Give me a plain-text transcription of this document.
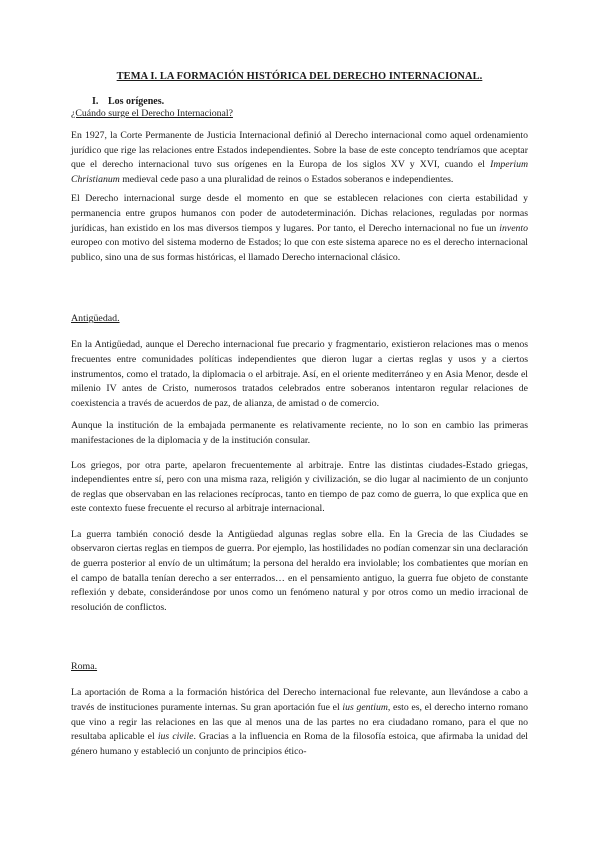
TEMA I. LA FORMACIÓN HISTÓRICA DEL DERECHO INTERNACIONAL.
I. Los orígenes.
¿Cuándo surge el Derecho Internacional?

En 1927, la Corte Permanente de Justicia Internacional definió al Derecho internacional como aquel ordenamiento jurídico que rige las relaciones entre Estados independientes. Sobre la base de este concepto tendríamos que aceptar que el derecho internacional tuvo sus orígenes en la Europa de los siglos XV y XVI, cuando el Imperium Christianum medieval cede paso a una pluralidad de reinos o Estados soberanos e independientes.

El Derecho internacional surge desde el momento en que se establecen relaciones con cierta estabilidad y permanencia entre grupos humanos con poder de autodeterminación. Dichas relaciones, reguladas por normas jurídicas, han existido en los mas diversos tiempos y lugares. Por tanto, el Derecho internacional no fue un invento europeo con motivo del sistema moderno de Estados; lo que con este sistema aparece no es el derecho internacional publico, sino una de sus formas históricas, el llamado Derecho internacional clásico.

Antigüedad.

En la Antigüedad, aunque el Derecho internacional fue precario y fragmentario, existieron relaciones mas o menos frecuentes entre comunidades políticas independientes que dieron lugar a ciertas reglas y usos y a ciertos instrumentos, como el tratado, la diplomacia o el arbitraje. Así, en el oriente mediterráneo y en Asia Menor, desde el milenio IV antes de Cristo, numerosos tratados celebrados entre soberanos intentaron regular relaciones de coexistencia a través de acuerdos de paz, de alianza, de amistad o de comercio.

Aunque la institución de la embajada permanente es relativamente reciente, no lo son en cambio las primeras manifestaciones de la diplomacia y de la institución consular.

Los griegos, por otra parte, apelaron frecuentemente al arbitraje. Entre las distintas ciudades-Estado griegas, independientes entre sí, pero con una misma raza, religión y civilización, se dio lugar al nacimiento de un conjunto de reglas que observaban en las relaciones recíprocas, tanto en tiempo de paz como de guerra, lo que explica que en este contexto fuese frecuente el recurso al arbitraje internacional.

La guerra también conoció desde la Antigüedad algunas reglas sobre ella. En la Grecia de las Ciudades se observaron ciertas reglas en tiempos de guerra. Por ejemplo, las hostilidades no podían comenzar sin una declaración de guerra posterior al envío de un ultimátum; la persona del heraldo era inviolable; los combatientes que morían en el campo de batalla tenían derecho a ser enterrados… en el pensamiento antiguo, la guerra fue objeto de constante reflexión y debate, considerándose por unos como un fenómeno natural y por otros como un medio irracional de resolución de conflictos.

Roma.

La aportación de Roma a la formación histórica del Derecho internacional fue relevante, aun llevándose a cabo a través de instituciones puramente internas. Su gran aportación fue el ius gentium, esto es, el derecho interno romano que vino a regir las relaciones en las que al menos una de las partes no era ciudadano romano, para el que no resultaba aplicable el ius civile. Gracias a la influencia en Roma de la filosofía estoica, que afirmaba la unidad del género humano y estableció un conjunto de principios ético-
